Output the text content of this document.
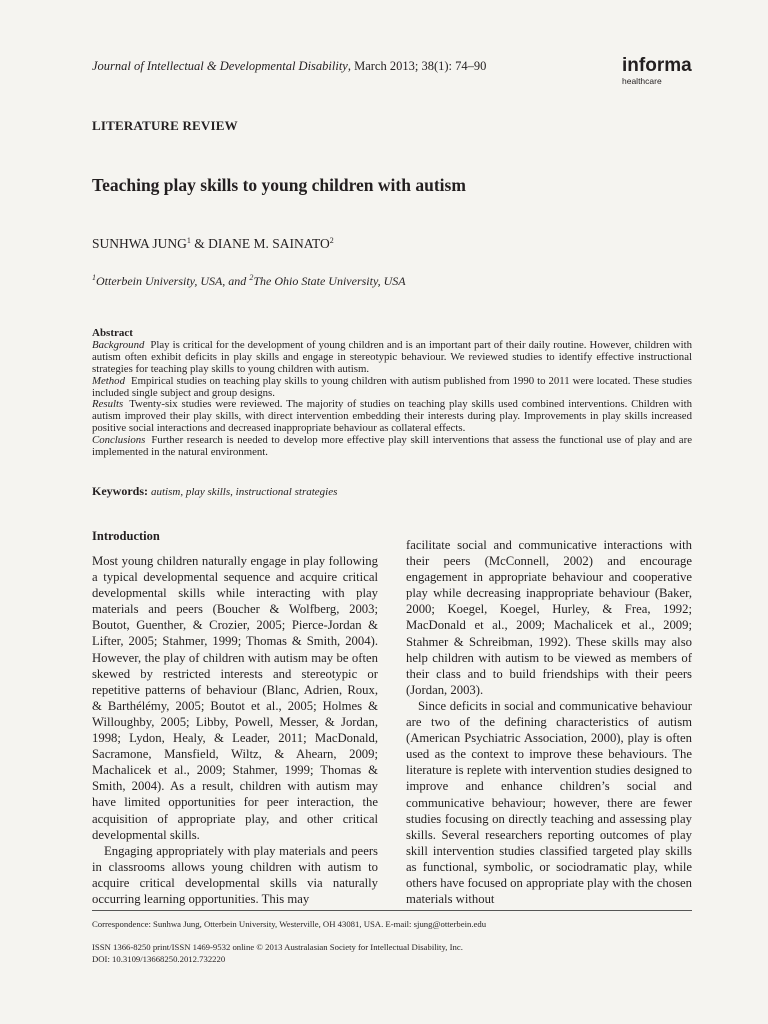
Journal of Intellectual & Developmental Disability, March 2013; 38(1): 74–90	informa
healthcare
LITERATURE REVIEW
Teaching play skills to young children with autism
SUNHWA JUNG$^1$ & DIANE M. SAINATO$^2$
$^1$Otterbein University, USA, and $^2$The Ohio State University, USA

Abstract

Background Play is critical for the development of young children and is an important part of their daily routine. However, children with autism often exhibit deficits in play skills and engage in stereotypic behaviour. We reviewed studies to identify effective instructional strategies for teaching play skills to young children with autism.

Method Empirical studies on teaching play skills to young children with autism published from 1990 to 2011 were located. These studies included single subject and group designs.

Results Twenty-six studies were reviewed. The majority of studies on teaching play skills used combined interventions. Children with autism improved their play skills, with direct intervention embedding their interests during play. Improvements in play skills increased positive social interactions and decreased inappropriate behaviour as collateral effects.

Conclusions Further research is needed to develop more effective play skill interventions that assess the functional use of play and are implemented in the natural environment.

Keywords: autism, play skills, instructional strategies
Introduction

Most young children naturally engage in play following a typical developmental sequence and acquire critical developmental skills while interacting with play materials and peers (Boucher & Wolfberg, 2003; Boutot, Guenther, & Crozier, 2005; Pierce-Jordan & Lifter, 2005; Stahmer, 1999; Thomas & Smith, 2004). However, the play of children with autism may be often skewed by restricted interests and stereotypic or repetitive patterns of behaviour (Blanc, Adrien, Roux, & Barthélémy, 2005; Boutot et al., 2005; Holmes & Willoughby, 2005; Libby, Powell, Messer, & Jordan, 1998; Lydon, Healy, & Leader, 2011; MacDonald, Sacramone, Mansfield, Wiltz, & Ahearn, 2009; Machalicek et al., 2009; Stahmer, 1999; Thomas & Smith, 2004). As a result, children with autism may have limited opportunities for peer interaction, the acquisition of appropriate play, and other critical developmental skills.

Engaging appropriately with play materials and peers in classrooms allows young children with autism to acquire critical developmental skills via naturally occurring learning opportunities. This may

facilitate social and communicative interactions with their peers (McConnell, 2002) and encourage engagement in appropriate behaviour and cooperative play while decreasing inappropriate behaviour (Baker, 2000; Koegel, Koegel, Hurley, & Frea, 1992; MacDonald et al., 2009; Machalicek et al., 2009; Stahmer & Schreibman, 1992). These skills may also help children with autism to be viewed as members of their class and to build friendships with their peers (Jordan, 2003).

Since deficits in social and communicative behaviour are two of the defining characteristics of autism (American Psychiatric Association, 2000), play is often used as the context to improve these behaviours. The literature is replete with intervention studies designed to improve and enhance children’s social and communicative behaviour; however, there are fewer studies focusing on directly teaching and assessing play skills. Several researchers reporting outcomes of play skill intervention studies classified targeted play skills as functional, symbolic, or sociodramatic play, while others have focused on appropriate play with the chosen materials without

Correspondence: Sunhwa Jung, Otterbein University, Westerville, OH 43081, USA. E-mail: sjung@otterbein.edu
ISSN 1366-8250 print/ISSN 1469-9532 online © 2013 Australasian Society for Intellectual Disability, Inc.
DOI: 10.3109/13668250.2012.732220
